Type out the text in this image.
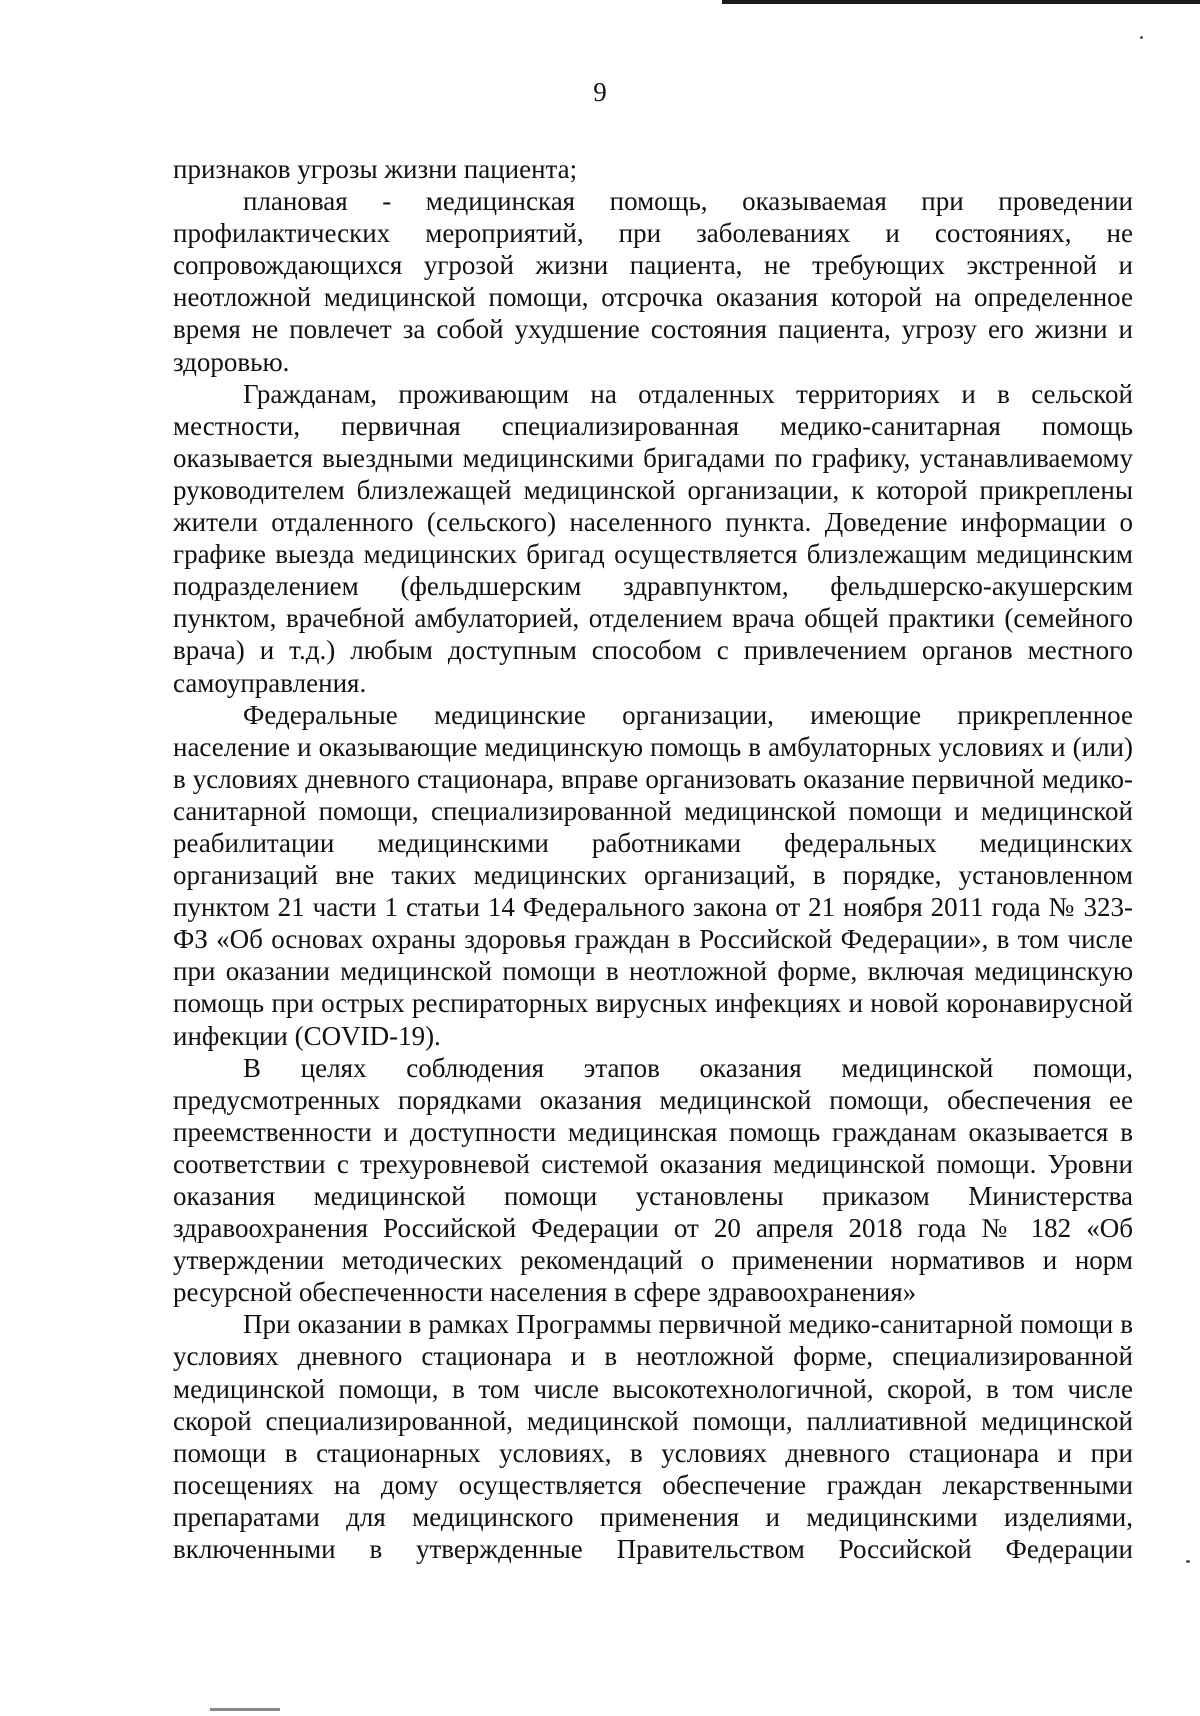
9

признаков угрозы жизни пациента;

плановая - медицинская помощь, оказываемая при проведении профилактических мероприятий, при заболеваниях и состояниях, не сопровождающихся угрозой жизни пациента, не требующих экстренной и неотложной медицинской помощи, отсрочка оказания которой на определенное время не повлечет за собой ухудшение состояния пациента, угрозу его жизни и здоровью.

Гражданам, проживающим на отдаленных территориях и в сельской местности, первичная специализированная медико-санитарная помощь оказывается выездными медицинскими бригадами по графику, устанавливаемому руководителем близлежащей медицинской организации, к которой прикреплены жители отдаленного (сельского) населенного пункта. Доведение информации о графике выезда медицинских бригад осуществляется близлежащим медицинским подразделением (фельдшерским здравпунктом, фельдшерско-акушерским пунктом, врачебной амбулаторией, отделением врача общей практики (семейного врача) и т.д.) любым доступным способом с привлечением органов местного самоуправления.

Федеральные медицинские организации, имеющие прикрепленное население и оказывающие медицинскую помощь в амбулаторных условиях и (или) в условиях дневного стационара, вправе организовать оказание первичной медико-санитарной помощи, специализированной медицинской помощи и медицинской реабилитации медицинскими работниками федеральных медицинских организаций вне таких медицинских организаций, в порядке, установленном пунктом 21 части 1 статьи 14 Федерального закона от 21 ноября 2011 года № 323-ФЗ «Об основах охраны здоровья граждан в Российской Федерации», в том числе при оказании медицинской помощи в неотложной форме, включая медицинскую помощь при острых респираторных вирусных инфекциях и новой коронавирусной инфекции (COVID-19).

В целях соблюдения этапов оказания медицинской помощи, предусмотренных порядками оказания медицинской помощи, обеспечения ее преемственности и доступности медицинская помощь гражданам оказывается в соответствии с трехуровневой системой оказания медицинской помощи. Уровни оказания медицинской помощи установлены приказом Министерства здравоохранения Российской Федерации от 20 апреля 2018 года № 182 «Об утверждении методических рекомендаций о применении нормативов и норм ресурсной обеспеченности населения в сфере здравоохранения»

При оказании в рамках Программы первичной медико-санитарной помощи в условиях дневного стационара и в неотложной форме, специализированной медицинской помощи, в том числе высокотехнологичной, скорой, в том числе скорой специализированной, медицинской помощи, паллиативной медицинской помощи в стационарных условиях, в условиях дневного стационара и при посещениях на дому осуществляется обеспечение граждан лекарственными препаратами для медицинского применения и медицинскими изделиями, включенными в утвержденные Правительством Российской Федерации
